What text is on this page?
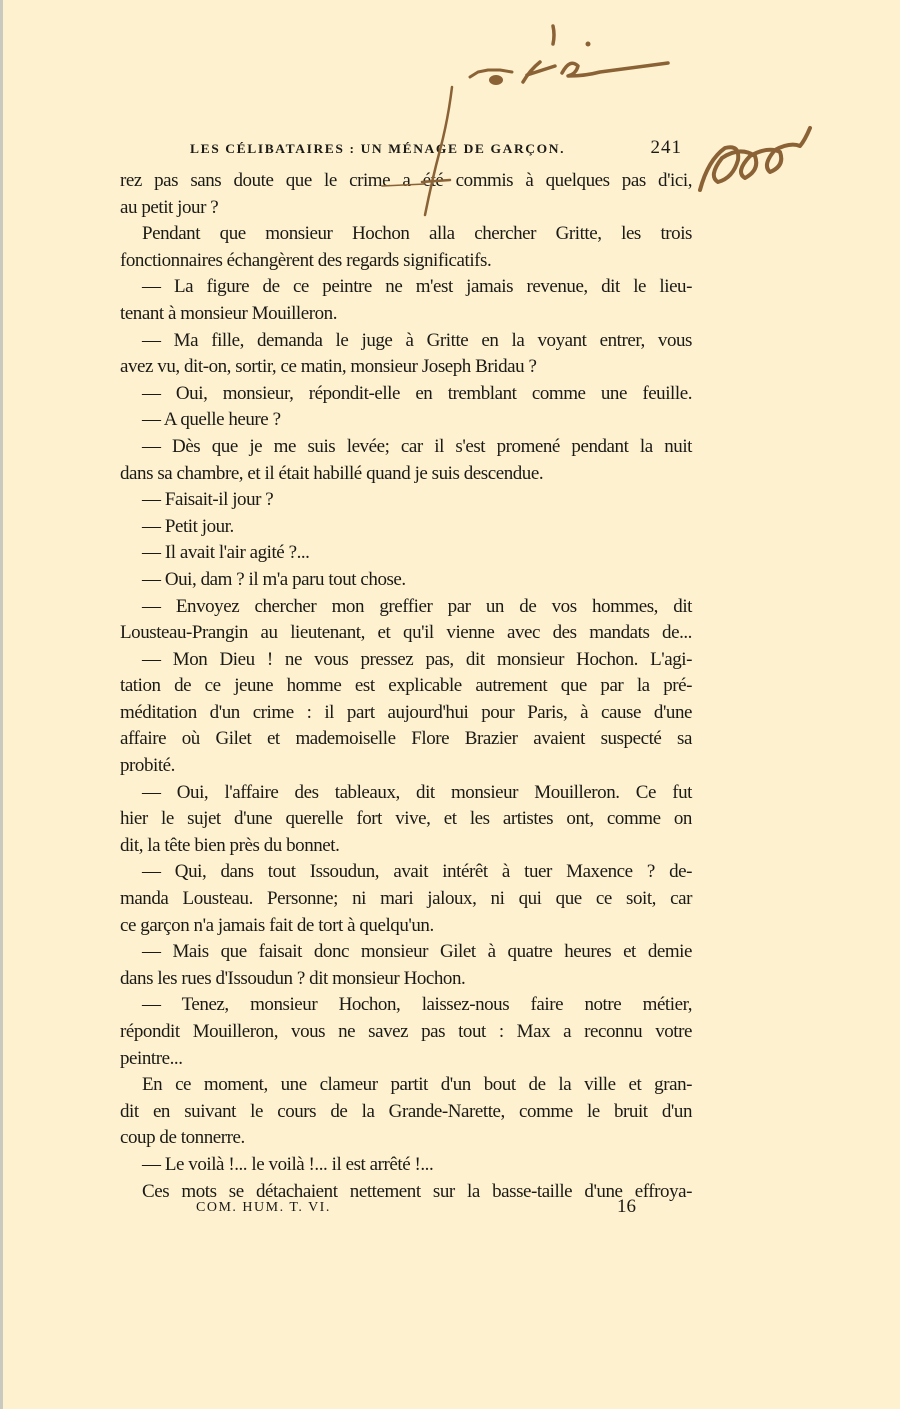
LES CÉLIBATAIRES : UN MÉNAGE DE GARÇON.	241
rez pas sans doute que le crime a été commis à quelques pas d'ici,
au petit jour ?
Pendant que monsieur Hochon alla chercher Gritte, les trois
fonctionnaires échangèrent des regards significatifs.
— La figure de ce peintre ne m'est jamais revenue, dit le lieu-
tenant à monsieur Mouilleron.
— Ma fille, demanda le juge à Gritte en la voyant entrer, vous
avez vu, dit-on, sortir, ce matin, monsieur Joseph Bridau ?
— Oui, monsieur, répondit-elle en tremblant comme une feuille.
— A quelle heure ?
— Dès que je me suis levée; car il s'est promené pendant la nuit
dans sa chambre, et il était habillé quand je suis descendue.
— Faisait-il jour ?
— Petit jour.
— Il avait l'air agité ?...
— Oui, dam ? il m'a paru tout chose.
— Envoyez chercher mon greffier par un de vos hommes, dit
Lousteau-Prangin au lieutenant, et qu'il vienne avec des mandats de...
— Mon Dieu ! ne vous pressez pas, dit monsieur Hochon. L'agi-
tation de ce jeune homme est explicable autrement que par la pré-
méditation d'un crime : il part aujourd'hui pour Paris, à cause d'une
affaire où Gilet et mademoiselle Flore Brazier avaient suspecté sa
probité.
— Oui, l'affaire des tableaux, dit monsieur Mouilleron. Ce fut
hier le sujet d'une querelle fort vive, et les artistes ont, comme on
dit, la tête bien près du bonnet.
— Qui, dans tout Issoudun, avait intérêt à tuer Maxence ? de-
manda Lousteau. Personne; ni mari jaloux, ni qui que ce soit, car
ce garçon n'a jamais fait de tort à quelqu'un.
— Mais que faisait donc monsieur Gilet à quatre heures et demie
dans les rues d'Issoudun ? dit monsieur Hochon.
— Tenez, monsieur Hochon, laissez-nous faire notre métier,
répondit Mouilleron, vous ne savez pas tout : Max a reconnu votre
peintre...
En ce moment, une clameur partit d'un bout de la ville et gran-
dit en suivant le cours de la Grande-Narette, comme le bruit d'un
coup de tonnerre.
— Le voilà !... le voilà !... il est arrêté !...
Ces mots se détachaient nettement sur la basse-taille d'une effroya-
COM. HUM. T. VI.	16
